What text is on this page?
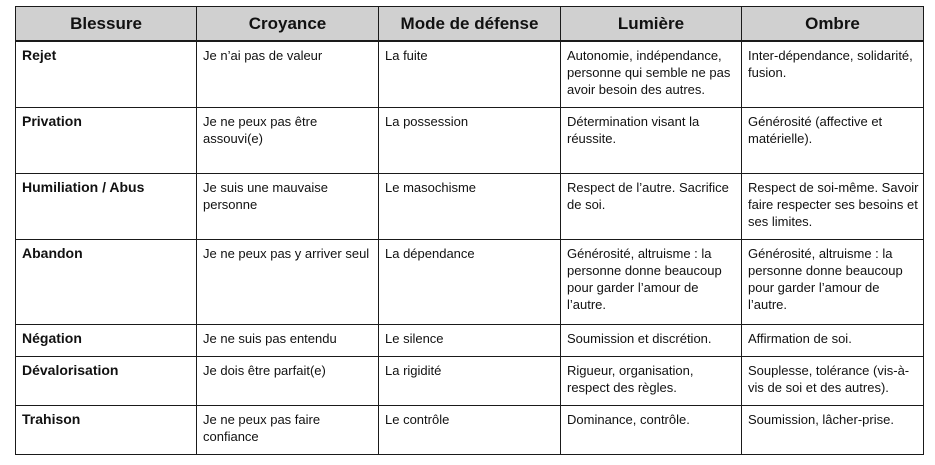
Blessure	Croyance	Mode de défense	Lumière	Ombre
Rejet	Je n’ai pas de valeur	La fuite	Autonomie, indépendance, personne qui semble ne pas avoir besoin des autres.	Inter-dépendance, solidarité, fusion.
Privation	Je ne peux pas être assouvi(e)	La possession	Détermination visant la réussite.	Générosité (affective et matérielle).
Humiliation / Abus	Je suis une mauvaise personne	Le masochisme	Respect de l’autre. Sacrifice de soi.	Respect de soi-même. Savoir faire respecter ses besoins et ses limites.
Abandon	Je ne peux pas y arriver seul	La dépendance	Générosité, altruisme : la personne donne beaucoup pour garder l’amour de l’autre.	Générosité, altruisme : la personne donne beaucoup pour garder l’amour de l’autre.
Négation	Je ne suis pas entendu	Le silence	Soumission et discrétion.	Affirmation de soi.
Dévalorisation	Je dois être parfait(e)	La rigidité	Rigueur, organisation, respect des règles.	Souplesse, tolérance (vis-à-vis de soi et des autres).
Trahison	Je ne peux pas faire confiance	Le contrôle	Dominance, contrôle.	Soumission, lâcher-prise.
